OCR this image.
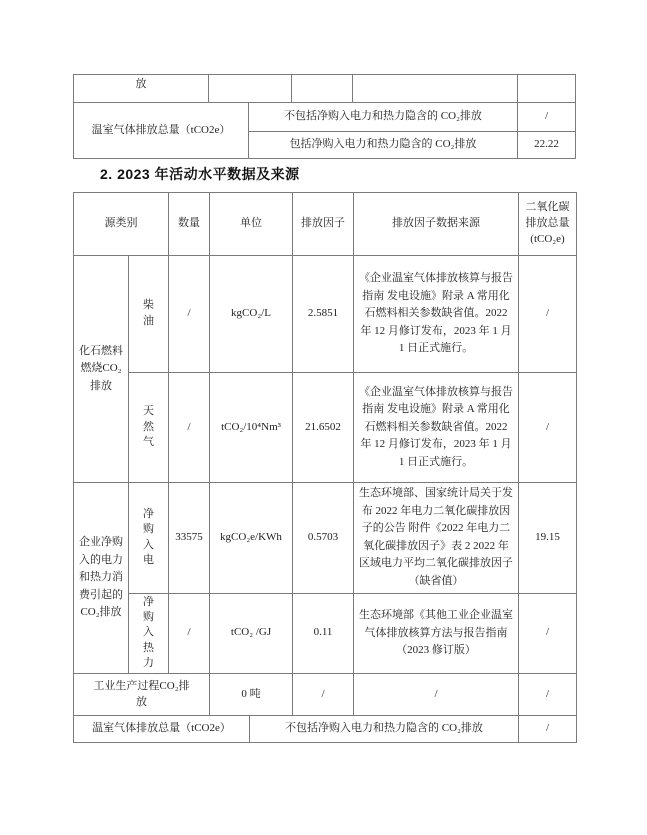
放					
温室气体排放总量（tCO2e）		不包括净购入电力和热力隐含的 CO₂排放			/
		包括净购入电力和热力隐含的 CO₂排放			22.22
2. 2023 年活动水平数据及来源
源类别		数量	单位		排放因子	排放因子数据来源	二氧化碳排放总量(tCO₂e)
化石燃料燃烧CO₂排放	柴油	/	kgCO₂/L		2.5851	《企业温室气体排放核算与报告指南 发电设施》附录 A 常用化石燃料相关参数缺省值。2022 年 12 月修订发布，2023 年 1 月 1 日正式施行。	/
	天然气	/	tCO₂/10⁴Nm³		21.6502	《企业温室气体排放核算与报告指南 发电设施》附录 A 常用化石燃料相关参数缺省值。2022 年 12 月修订发布，2023 年 1 月 1 日正式施行。	/
企业净购入的电力和热力消费引起的CO₂排放	净购入电	33575	kgCO₂e/KWh		0.5703	生态环境部、国家统计局关于发布 2022 年电力二氧化碳排放因子的公告 附件《2022 年电力二氧化碳排放因子》表 2 2022 年区域电力平均二氧化碳排放因子（缺省值）	19.15
	净购入热力	/	tCO₂ /GJ		0.11	生态环境部《其他工业企业温室气体排放核算方法与报告指南（2023 修订版）	/
工业生产过程CO₂排放			0 吨		/	/	/
温室气体排放总量（tCO2e）				不包括净购入电力和热力隐含的 CO₂排放			/
